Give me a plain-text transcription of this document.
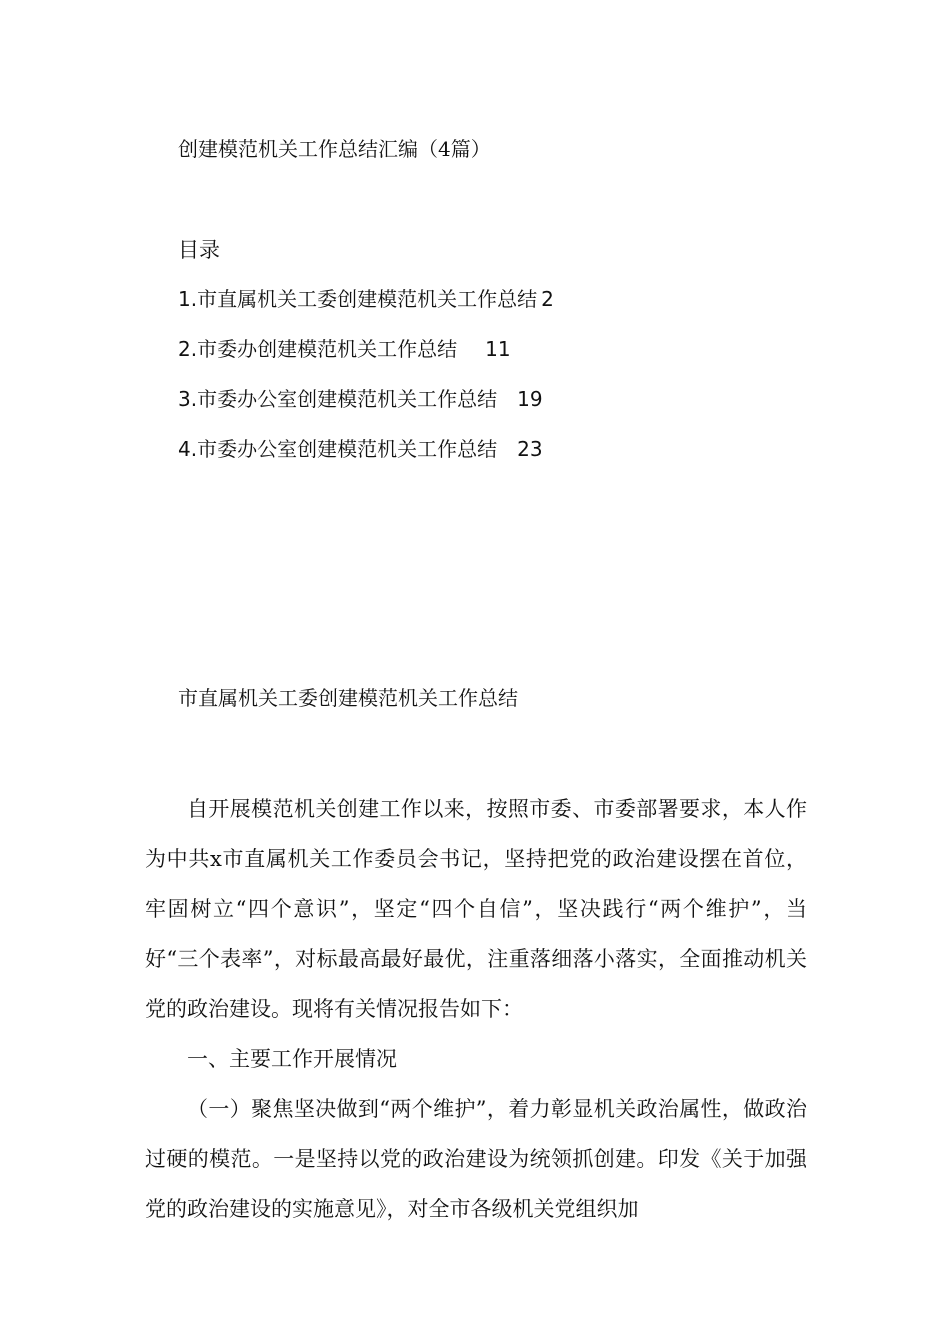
创建模范机关工作总结汇编（4篇）
目录
1.市直属机关工委创建模范机关工作总结 2
2.市委办创建模范机关工作总结 11
3.市委办公室创建模范机关工作总结 19
4.市委办公室创建模范机关工作总结 23
市直属机关工委创建模范机关工作总结

自开展模范机关创建工作以来，按照市委、市委部署要求，本人作为中共x市直属机关工作委员会书记，坚持把党的政治建设摆在首位，牢固树立“四个意识”，坚定“四个自信”，坚决践行“两个维护”，当好“三个表率”，对标最高最好最优，注重落细落小落实，全面推动机关党的政治建设。现将有关情况报告如下：

一、主要工作开展情况

（一）聚焦坚决做到“两个维护”，着力彰显机关政治属性，做政治过硬的模范。一是坚持以党的政治建设为统领抓创建。印发《关于加强党的政治建设的实施意见》，对全市各级机关党组织加
